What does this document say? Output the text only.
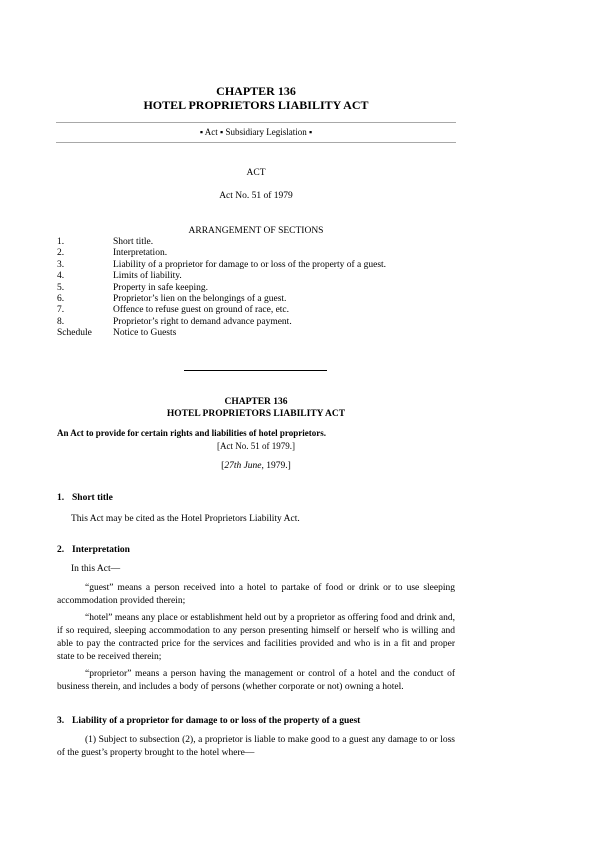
CHAPTER 136
HOTEL PROPRIETORS LIABILITY ACT
▪ Act ▪ Subsidiary Legislation ▪
ACT
Act No. 51 of 1979
ARRANGEMENT OF SECTIONS
1.	Short title.
2.	Interpretation.
3.	Liability of a proprietor for damage to or loss of the property of a guest.
4.	Limits of liability.
5.	Property in safe keeping.
6.	Proprietor’s lien on the belongings of a guest.
7.	Offence to refuse guest on ground of race, etc.
8.	Proprietor’s right to demand advance payment.
Schedule Notice to Guests
CHAPTER 136
HOTEL PROPRIETORS LIABILITY ACT
An Act to provide for certain rights and liabilities of hotel proprietors.
[Act No. 51 of 1979.]
[27th June, 1979.]
1. Short title
This Act may be cited as the Hotel Proprietors Liability Act.
2. Interpretation
In this Act—
“guest” means a person received into a hotel to partake of food or drink or to use sleeping accommodation provided therein;
“hotel” means any place or establishment held out by a proprietor as offering food and drink and, if so required, sleeping accommodation to any person presenting himself or herself who is willing and able to pay the contracted price for the services and facilities provided and who is in a fit and proper state to be received therein;
“proprietor” means a person having the management or control of a hotel and the conduct of business therein, and includes a body of persons (whether corporate or not) owning a hotel.
3. Liability of a proprietor for damage to or loss of the property of a guest
(1) Subject to subsection (2), a proprietor is liable to make good to a guest any damage to or loss of the guest’s property brought to the hotel where—
